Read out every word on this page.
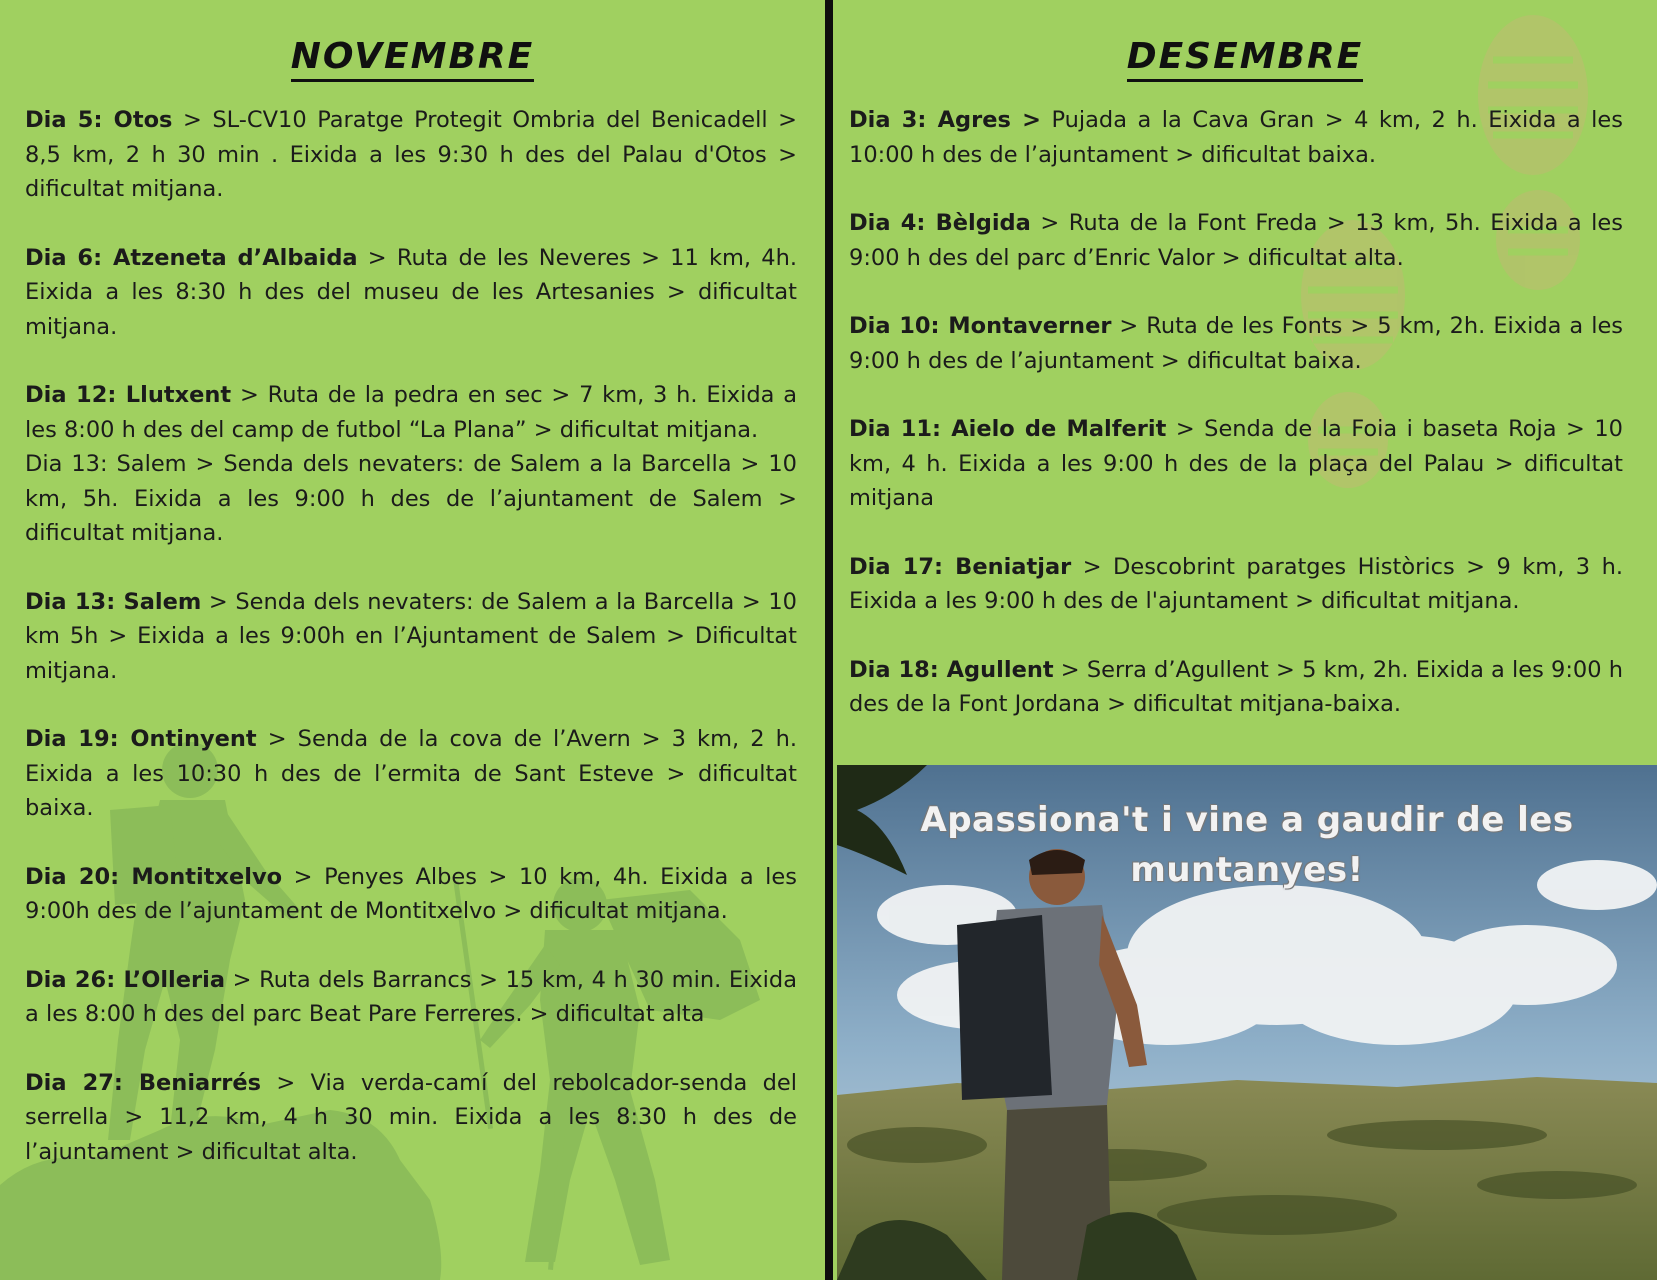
NOVEMBRE

Dia 5: Otos > SL-CV10 Paratge Protegit Ombria del Benicadell > 8,5 km, 2 h 30 min . Eixida a les 9:30 h des del Palau d'Otos > dificultat mitjana.

Dia 6: Atzeneta d’Albaida > Ruta de les Neveres > 11 km, 4h. Eixida a les 8:30 h des del museu de les Artesanies > dificultat mitjana.

Dia 12: Llutxent > Ruta de la pedra en sec > 7 km, 3 h. Eixida a les 8:00 h des del camp de futbol “La Plana” > dificultat mitjana.

Dia 13: Salem > Senda dels nevaters: de Salem a la Barcella > 10 km, 5h. Eixida a les 9:00 h des de l’ajuntament de Salem > dificultat mitjana.

Dia 13: Salem > Senda dels nevaters: de Salem a la Barcella > 10 km 5h > Eixida a les 9:00h en l’Ajuntament de Salem > Dificultat mitjana.

Dia 19: Ontinyent > Senda de la cova de l’Avern > 3 km, 2 h. Eixida a les 10:30 h des de l’ermita de Sant Esteve > dificultat baixa.

Dia 20: Montitxelvo > Penyes Albes > 10 km, 4h. Eixida a les 9:00h des de l’ajuntament de Montitxelvo > dificultat mitjana.

Dia 26: L’Olleria > Ruta dels Barrancs > 15 km, 4 h 30 min. Eixida a les 8:00 h des del parc Beat Pare Ferreres. > dificultat alta

Dia 27: Beniarrés > Via verda-camí del rebolcador-senda del serrella > 11,2 km, 4 h 30 min. Eixida a les 8:30 h des de l’ajuntament > dificultat alta.

DESEMBRE

Dia 3: Agres > Pujada a la Cava Gran > 4 km, 2 h. Eixida a les 10:00 h des de l’ajuntament > dificultat baixa.

Dia 4: Bèlgida > Ruta de la Font Freda > 13 km, 5h. Eixida a les 9:00 h des del parc d’Enric Valor > dificultat alta.

Dia 10: Montaverner > Ruta de les Fonts > 5 km, 2h. Eixida a les 9:00 h des de l’ajuntament > dificultat baixa.

Dia 11: Aielo de Malferit > Senda de la Foia i baseta Roja > 10 km, 4 h. Eixida a les 9:00 h des de la plaça del Palau > dificultat mitjana

Dia 17: Beniatjar > Descobrint paratges Històrics > 9 km, 3 h. Eixida a les 9:00 h des de l'ajuntament > dificultat mitjana.

Dia 18: Agullent > Serra d’Agullent > 5 km, 2h. Eixida a les 9:00 h des de la Font Jordana > dificultat mitjana-baixa.

Apassiona't i vine a gaudir de les
muntanyes!
